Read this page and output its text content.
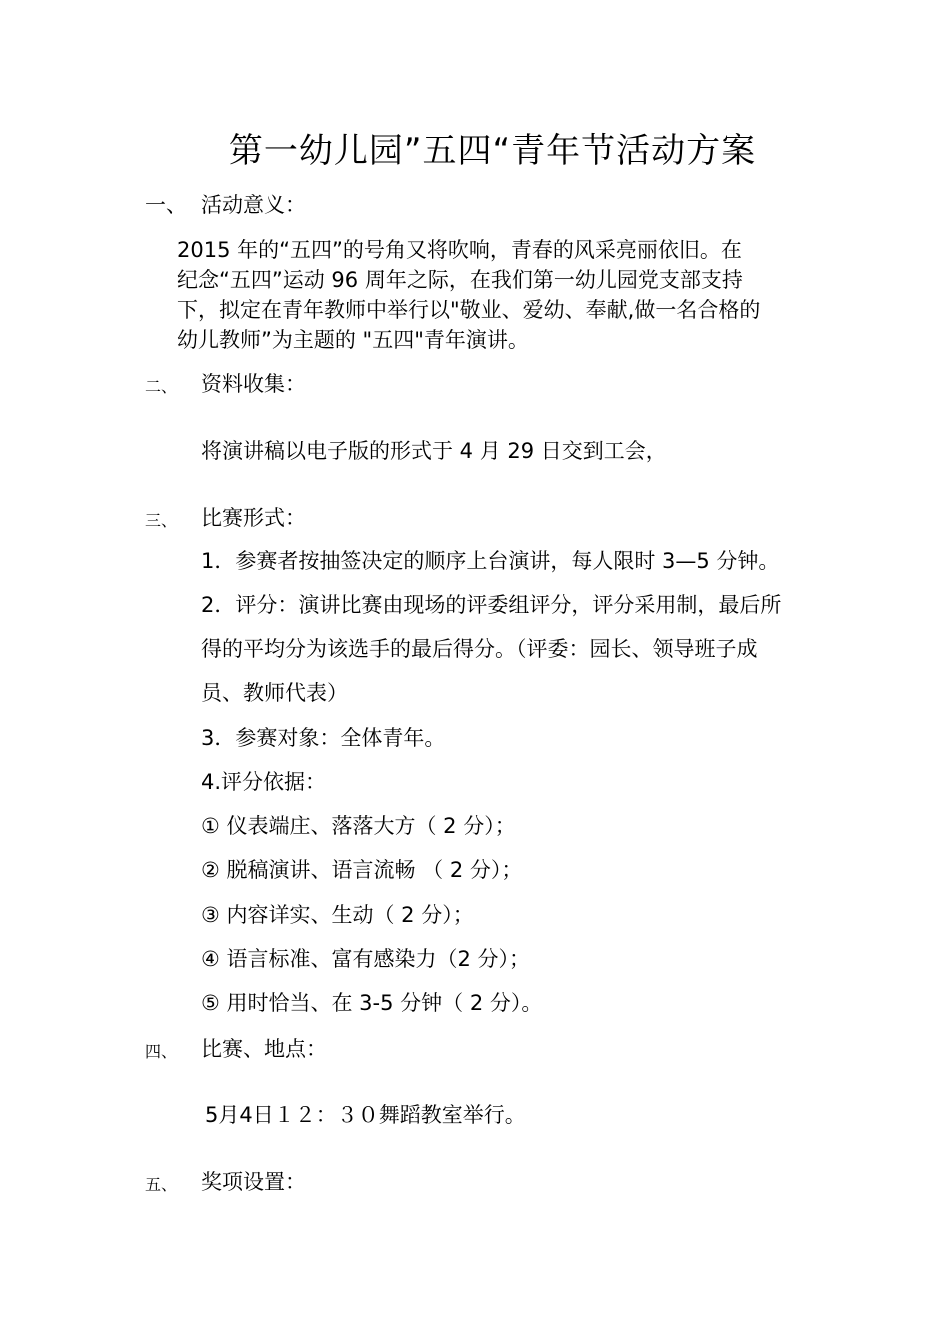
第一幼儿园”五四“青年节活动方案
一、 活动意义：
2015 年的“五四”的号角又将吹响，青春的风采亮丽依旧。在
纪念“五四”运动 96 周年之际，在我们第一幼儿园党支部支持
下，拟定在青年教师中举行以"敬业、爱幼、奉献,做一名合格的
幼儿教师”为主题的 "五四"青年演讲。
二、 资料收集：
将演讲稿以电子版的形式于 4 月 29 日交到工会，
三、 比赛形式：
1．参赛者按抽签决定的顺序上台演讲，每人限时 3—5 分钟。
2．评分：演讲比赛由现场的评委组评分，评分采用制，最后所
得的平均分为该选手的最后得分。（评委：园长、领导班子成
员、教师代表）
3．参赛对象：全体青年。
4.评分依据：
① 仪表端庄、落落大方（ 2 分）；
② 脱稿演讲、语言流畅 （ 2 分）；
③ 内容详实、生动（ 2 分）；
④ 语言标准、富有感染力（2 分）；
⑤ 用时恰当、在 3-5 分钟（ 2 分）。
四、 比赛、地点：
5月4日１２：３０舞蹈教室举行。
五、 奖项设置：
